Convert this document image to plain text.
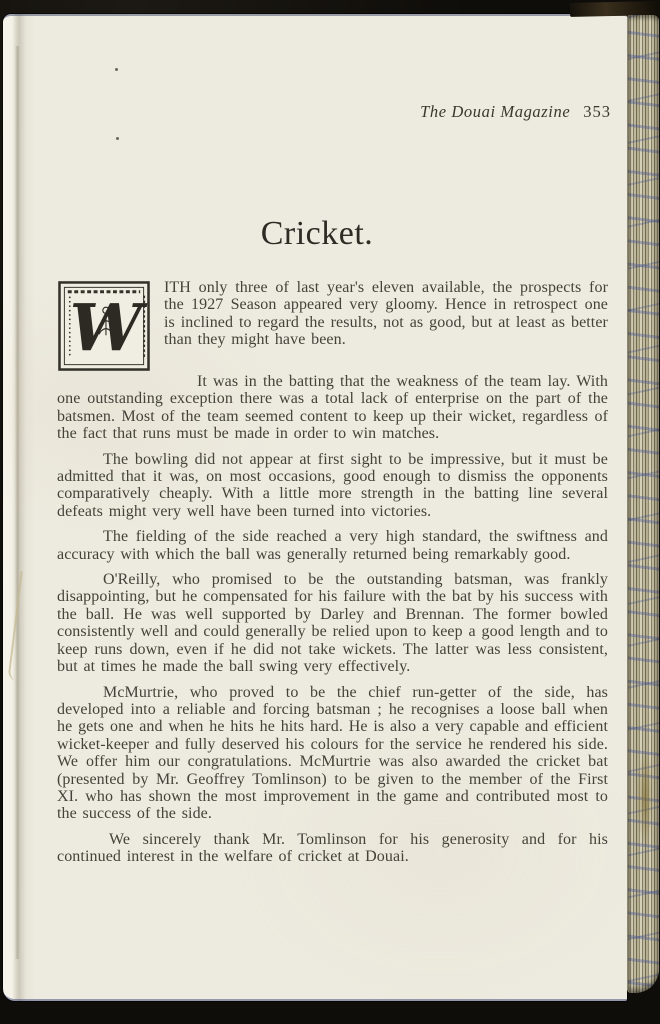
The Douai Magazine 353
Cricket.

W
ITH only three of last year's eleven available, the prospects for the 1927 Season appeared very gloomy. Hence in retrospect one is inclined to regard the results, not as good, but at least as better than they might have been.

It was in the batting that the weakness of the team lay. With one outstanding exception there was a total lack of enterprise on the part of the batsmen. Most of the team seemed content to keep up their wicket, regardless of the fact that runs must be made in order to win matches.

The bowling did not appear at first sight to be impressive, but it must be admitted that it was, on most occasions, good enough to dismiss the opponents comparatively cheaply. With a little more strength in the batting line several defeats might very well have been turned into victories.

The fielding of the side reached a very high standard, the swiftness and accuracy with which the ball was generally returned being remarkably good.

O'Reilly, who promised to be the outstanding batsman, was frankly disappointing, but he compensated for his failure with the bat by his success with the ball. He was well supported by Darley and Brennan. The former bowled consistently well and could generally be relied upon to keep a good length and to keep runs down, even if he did not take wickets. The latter was less consistent, but at times he made the ball swing very effectively.

McMurtrie, who proved to be the chief run-getter of the side, has developed into a reliable and forcing batsman ; he recognises a loose ball when he gets one and when he hits he hits hard. He is also a very capable and efficient wicket-keeper and fully deserved his colours for the service he rendered his side. We offer him our congratulations. McMurtrie was also awarded the cricket bat (presented by Mr. Geoffrey Tomlinson) to be given to the member of the First XI. who has shown the most improvement in the game and contributed most to the success of the side.

We sincerely thank Mr. Tomlinson for his generosity and for his continued interest in the welfare of cricket at Douai.
